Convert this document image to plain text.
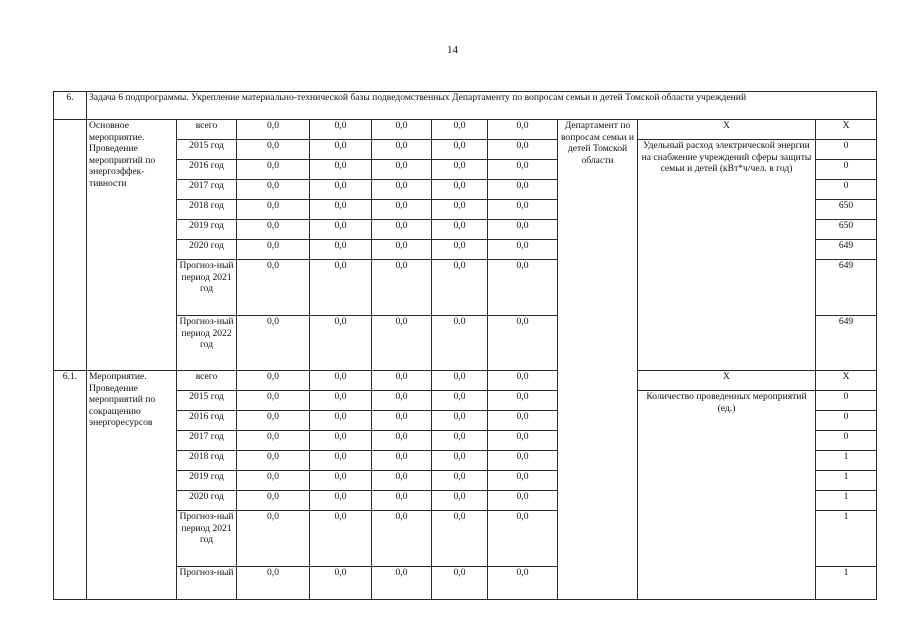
14
6.	Задача 6 подпрограммы. Укрепление материально-технической базы подведомственных Департаменту по вопросам семьи и детей Томской области учреждений									
	Основное мероприятие. Проведение мероприятий по энергоэффек-тивности	всего	0,0	0,0	0,0	0,0	0,0	Департамент по вопросам семьи и детей Томской области	Х	Х
		2015 год	0,0	0,0	0,0	0,0	0,0		Удельный расход электрической энергии на снабжение учреждений сферы защиты семьи и детей (кВт*ч/чел. в год)	0
		2016 год	0,0	0,0	0,0	0,0	0,0			0
		2017 год	0,0	0,0	0,0	0,0	0,0			0
		2018 год	0,0	0,0	0,0	0,0	0,0			650
		2019 год	0,0	0,0	0,0	0,0	0,0			650
		2020 год	0,0	0,0	0,0	0,0	0,0			649
		Прогноз-ный период 2021 год	0,0	0,0	0,0	0,0	0,0			649
		Прогноз-ный период 2022 год	0,0	0,0	0,0	0.0	0,0			649
6.1.	Мероприятие. Проведение мероприятий по сокращению энергоресурсов	всего	0,0	0,0	0,0	0,0	0,0		Х	Х
		2015 год	0,0	0,0	0,0	0,0	0,0		Количество проведенных мероприятий (ед.)	0
		2016 год	0,0	0,0	0,0	0,0	0,0			0
		2017 год	0,0	0,0	0,0	0,0	0,0			0
		2018 год	0,0	0,0	0,0	0,0	0,0			1
		2019 год	0,0	0,0	0,0	0,0	0,0			1
		2020 год	0,0	0,0	0,0	0,0	0,0			1
		Прогноз-ный период 2021 год	0,0	0,0	0,0	0,0	0,0			1
		Прогноз-ный	0,0	0,0	0,0	0,0	0,0			1
